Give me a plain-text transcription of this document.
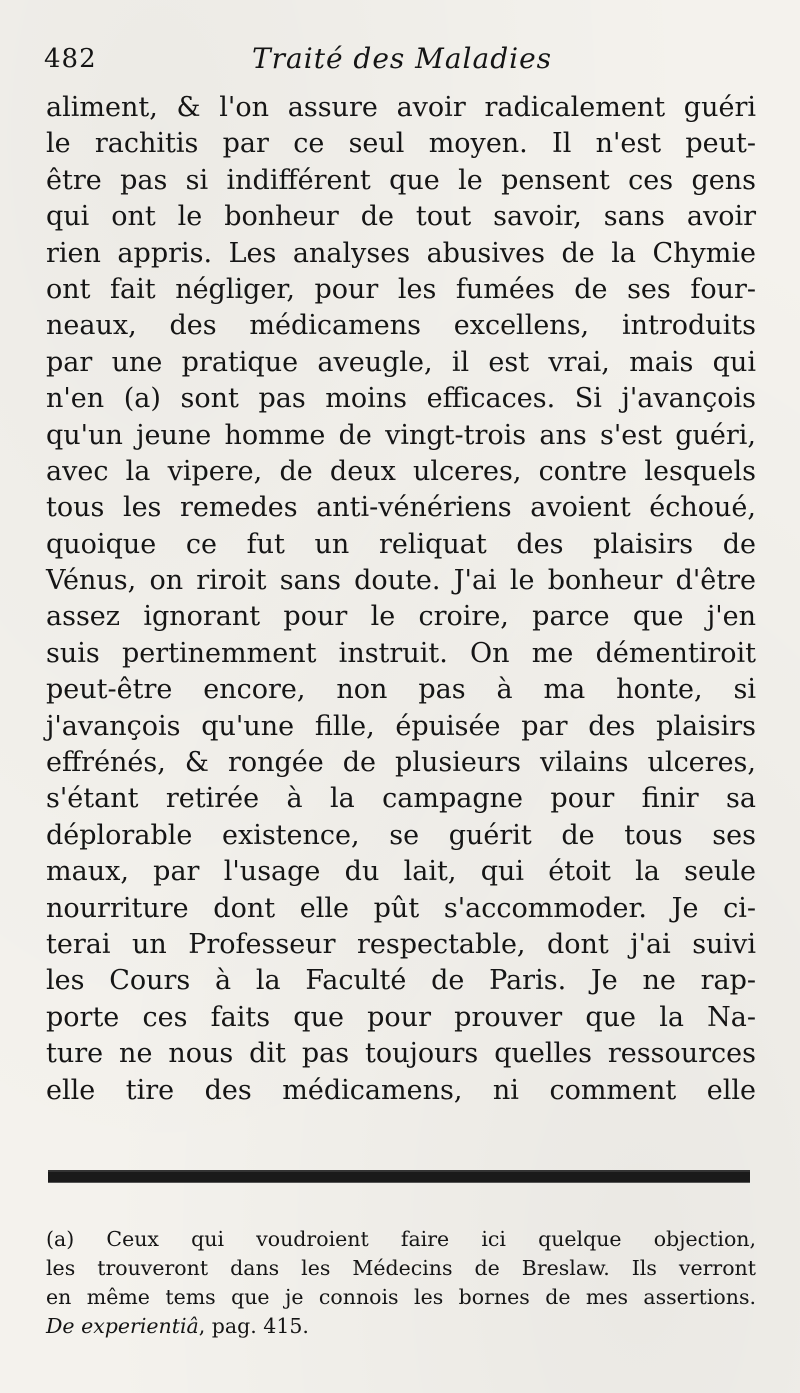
482	Traité des Maladies
aliment, & l'on assure avoir radicalement guéri
le rachitis par ce seul moyen. Il n'est peut-
être pas si indifférent que le pensent ces gens
qui ont le bonheur de tout savoir, sans avoir
rien appris. Les analyses abusives de la Chymie
ont fait négliger, pour les fumées de ses four-
neaux, des médicamens excellens, introduits
par une pratique aveugle, il est vrai, mais qui
n'en (a) sont pas moins efficaces. Si j'avançois
qu'un jeune homme de vingt-trois ans s'est guéri,
avec la vipere, de deux ulceres, contre lesquels
tous les remedes anti-vénériens avoient échoué,
quoique ce fut un reliquat des plaisirs de
Vénus, on riroit sans doute. J'ai le bonheur d'être
assez ignorant pour le croire, parce que j'en
suis pertinemment instruit. On me démentiroit
peut-être encore, non pas à ma honte, si
j'avançois qu'une fille, épuisée par des plaisirs
effrénés, & rongée de plusieurs vilains ulceres,
s'étant retirée à la campagne pour finir sa
déplorable existence, se guérit de tous ses
maux, par l'usage du lait, qui étoit la seule
nourriture dont elle pût s'accommoder. Je ci-
terai un Professeur respectable, dont j'ai suivi
les Cours à la Faculté de Paris. Je ne rap-
porte ces faits que pour prouver que la Na-
ture ne nous dit pas toujours quelles ressources
elle tire des médicamens, ni comment elle
(a) Ceux qui voudroient faire ici quelque objection,
les trouveront dans les Médecins de Breslaw. Ils verront
en même tems que je connois les bornes de mes assertions.
De experientiâ, pag. 415.
